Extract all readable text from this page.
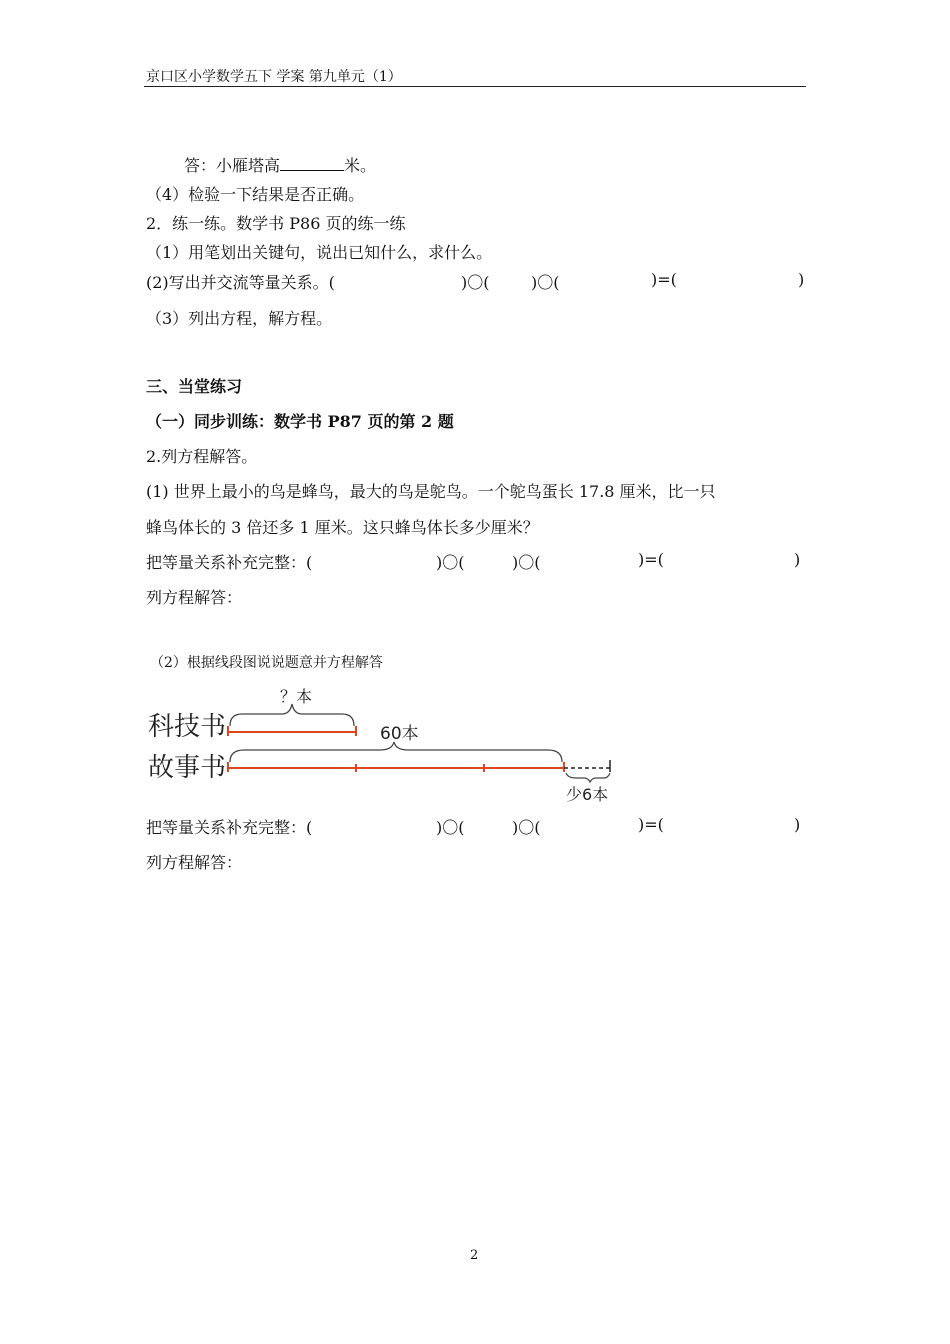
京口区小学数学五下 学案 第九单元（1）
答：小雁塔高	米。
（4）检验一下结果是否正确。
2．练一练。数学书 P86 页的练一练
（1）用笔划出关键句，说出已知什么，求什么。
(2)写出并交流等量关系。(	)〇(	)〇(	)=(	)
（3）列出方程，解方程。
三、当堂练习
（一）同步训练：数学书 P87 页的第 2 题
2.列方程解答。
(1) 世界上最小的鸟是蜂鸟，最大的鸟是鸵鸟。一个鸵鸟蛋长 17.8 厘米，比一只
蜂鸟体长的 3 倍还多 1 厘米。这只蜂鸟体长多少厘米？
把等量关系补充完整：(	)〇(	)〇(	)=(	)
列方程解答：
（2）根据线段图说说题意并方程解答
科技书
故事书
？本
60本
少6本
把等量关系补充完整：(	)〇(	)〇(	)=(	)
列方程解答：
2
